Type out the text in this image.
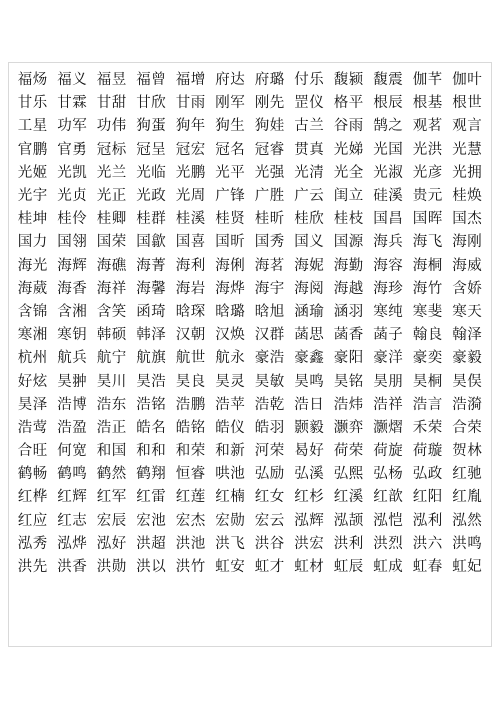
福炀 福义 福昱 福曾 福增 府达 府璐 付乐 馥颍 馥震 伽芊 伽叶
甘乐 甘霖 甘甜 甘欣 甘雨 刚军 刚先 罡仪 格平 根辰 根基 根世
工星 功军 功伟 狗蛋 狗年 狗生 狗娃 古兰 谷雨 鹄之 观茗 观言
官鹏 官勇 冠标 冠呈 冠宏 冠名 冠睿 贯真 光娣 光国 光洪 光慧
光姬 光凯 光兰 光临 光鹏 光平 光强 光清 光全 光淑 光彦 光拥
光宇 光贞 光正 光政 光周 广锋 广胜 广云 闺立 硅溪 贵元 桂焕
桂坤 桂伶 桂卿 桂群 桂溪 桂贤 桂昕 桂欣 桂枝 国昌 国晖 国杰
国力 国翎 国荣 国歙 国喜 国昕 国秀 国义 国源 海兵 海飞 海刚
海光 海辉 海礁 海菁 海利 海俐 海茗 海妮 海勤 海容 海桐 海威
海葳 海香 海祥 海馨 海岩 海烨 海宇 海阅 海越 海珍 海竹 含娇
含锦 含湘 含笑 函琦 晗琛 晗璐 晗旭 涵瑜 涵羽 寒纯 寒斐 寒天
寒湘 寒钥 韩硕 韩泽 汉朝 汉焕 汉群 菡思 菡香 菡子 翰良 翰泽
杭州 航兵 航宁 航旗 航世 航永 豪浩 豪鑫 豪阳 豪洋 豪奕 豪毅
好炫 昊翀 昊川 昊浩 昊良 昊灵 昊敏 昊鸣 昊铭 昊朋 昊桐 昊俣
昊泽 浩博 浩东 浩铭 浩鹏 浩苹 浩乾 浩日 浩炜 浩祥 浩言 浩漪
浩莺 浩盈 浩正 皓名 皓铭 皓仪 皓羽 颢毅 灏弈 灏熠 禾荣 合荣
合旺 何宽 和国 和和 和荣 和新 河荣 曷好 荷荣 荷旋 荷璇 贺林
鹤畅 鹤鸣 鹤然 鹤翔 恒睿 哄池 弘励 弘溪 弘熙 弘杨 弘政 红驰
红桦 红辉 红军 红雷 红莲 红楠 红女 红杉 红溪 红歆 红阳 红胤
红应 红志 宏辰 宏池 宏杰 宏勋 宏云 泓辉 泓颉 泓恺 泓利 泓然
泓秀 泓烨 泓好 洪超 洪池 洪飞 洪谷 洪宏 洪利 洪烈 洪六 洪鸣
洪先 洪香 洪勋 洪以 洪竹 虹安 虹才 虹材 虹辰 虹成 虹春 虹妃
